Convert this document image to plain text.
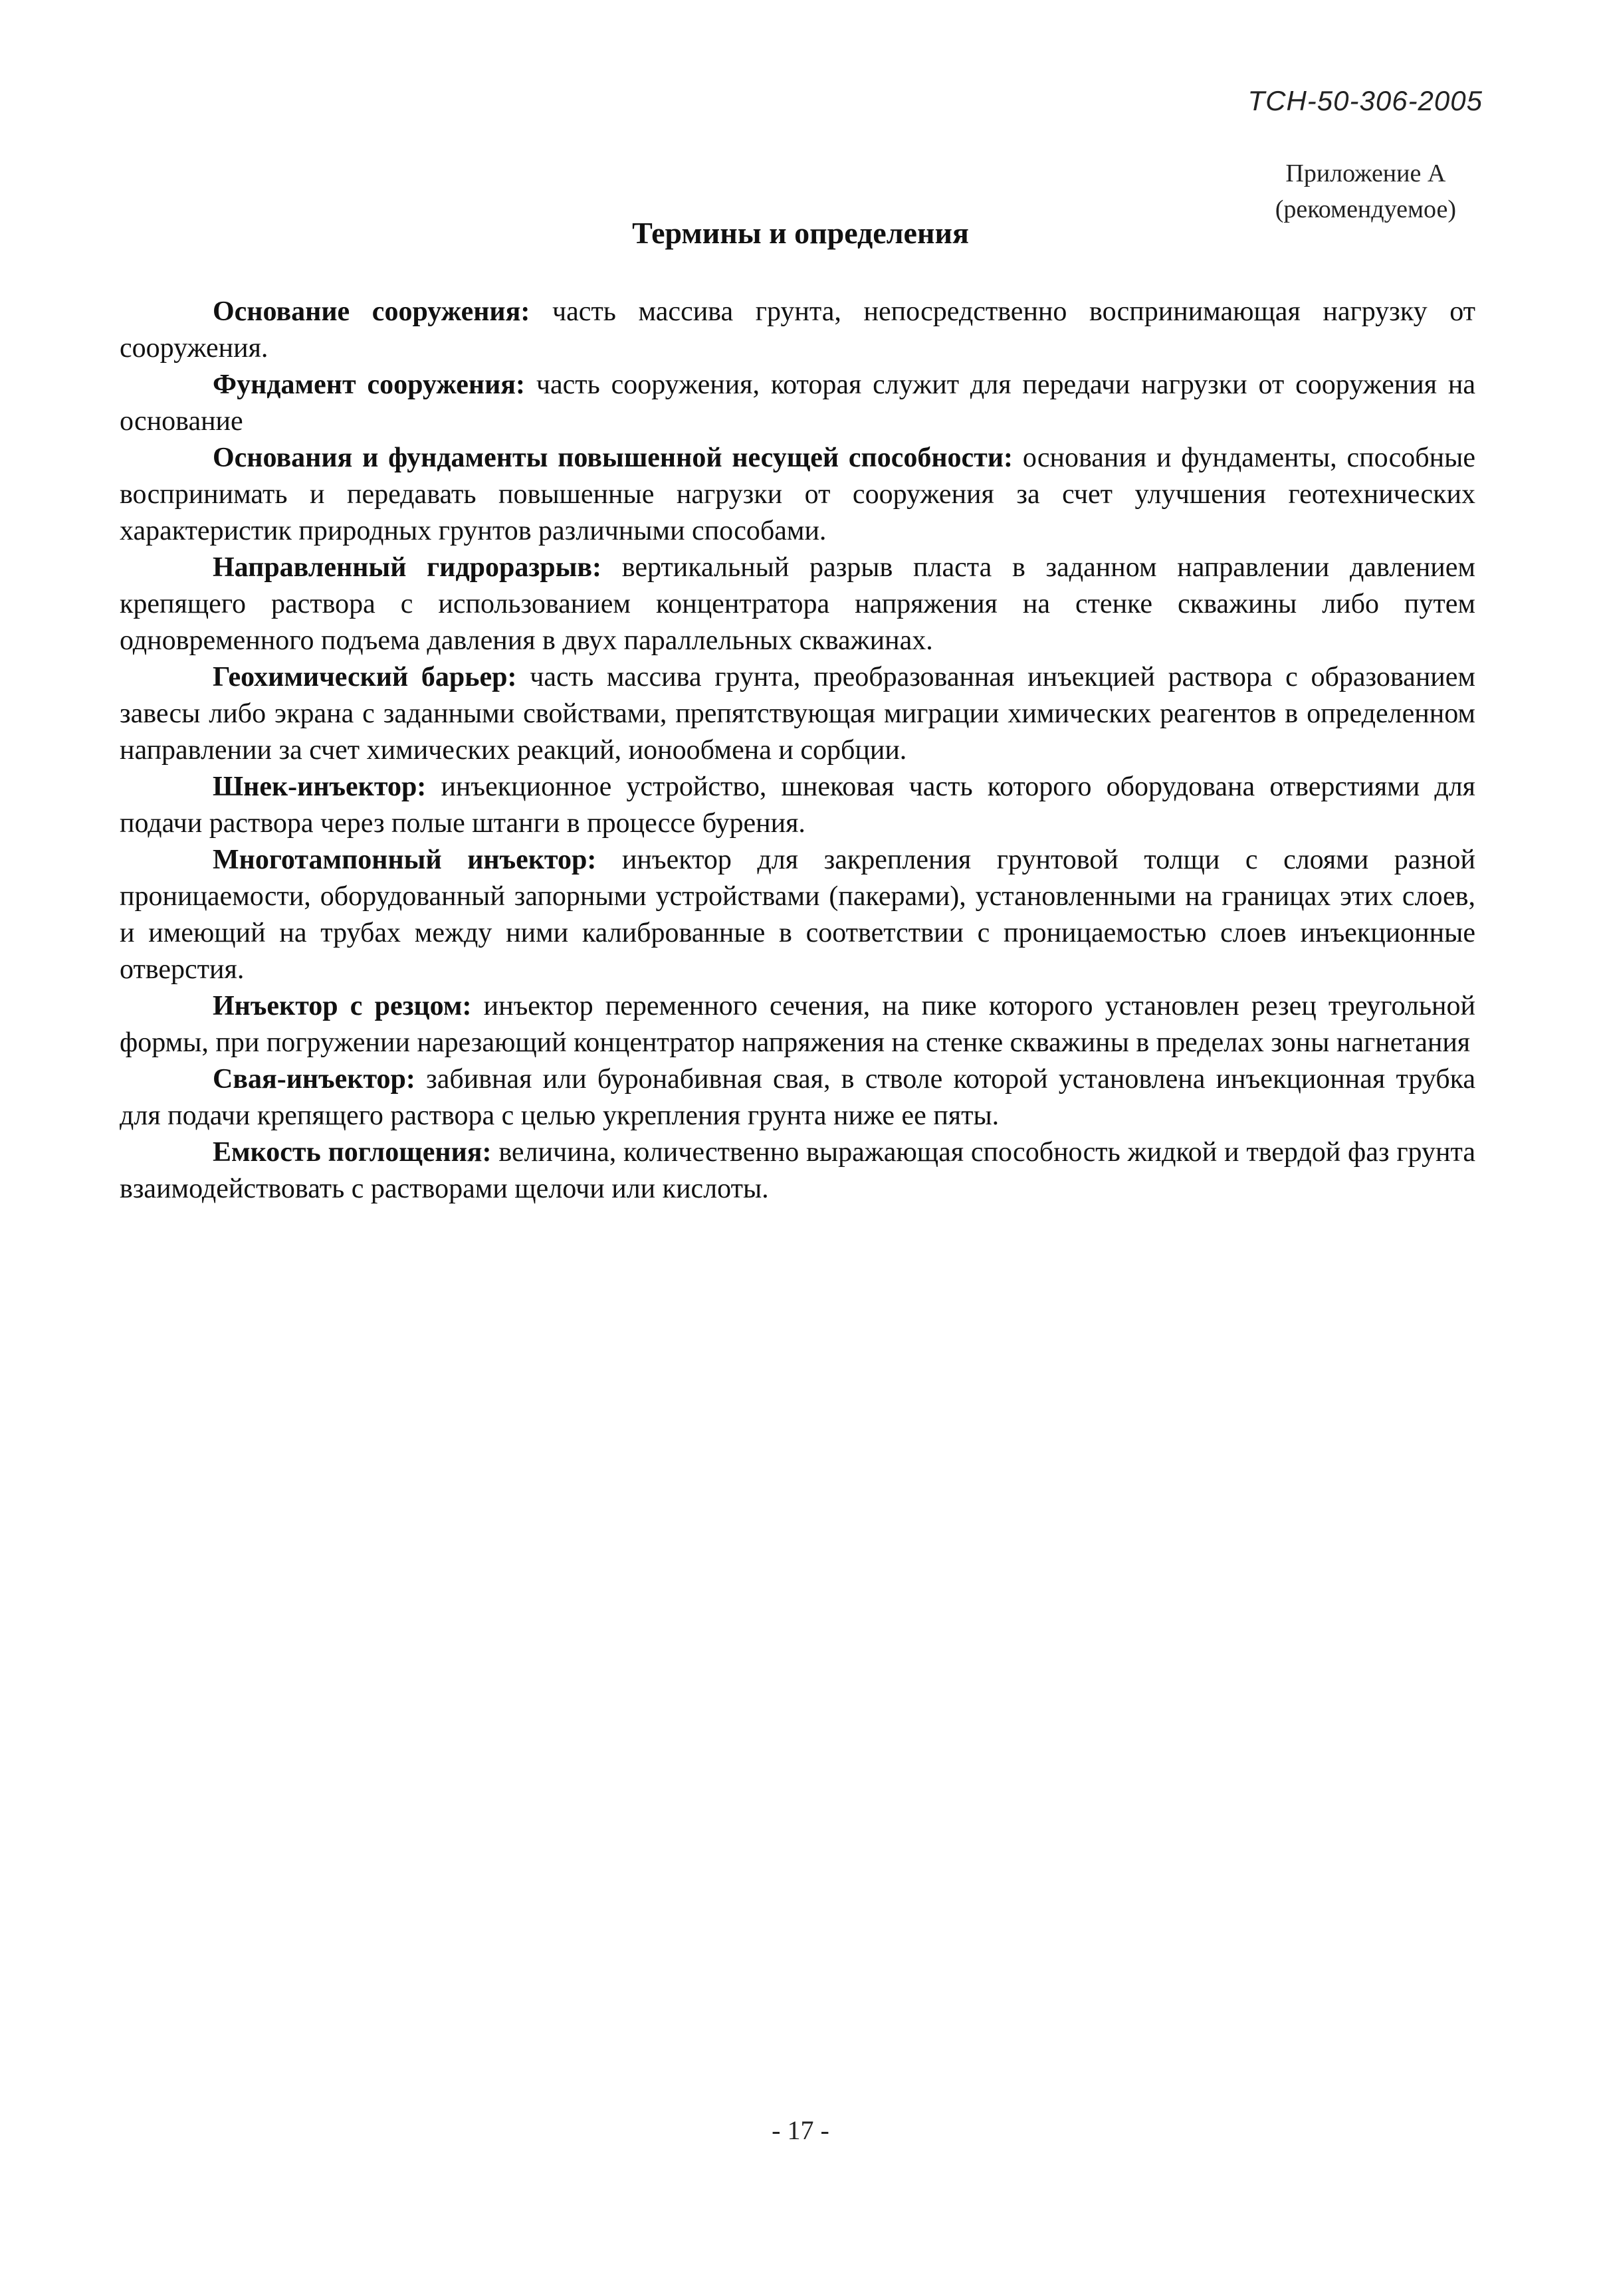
ТСН-50-306-2005
Приложение А
(рекомендуемое)
Термины и определения

Основание сооружения: часть массива грунта, непосредственно воспринимающая нагрузку от сооружения.

Фундамент сооружения: часть сооружения, которая служит для передачи нагрузки от сооружения на основание

Основания и фундаменты повышенной несущей способности: основания и фундаменты, способные воспринимать и передавать повышенные нагрузки от сооружения за счет улучшения геотехнических характеристик природных грунтов различными способами.

Направленный гидроразрыв: вертикальный разрыв пласта в заданном направлении давлением крепящего раствора с использованием концентратора напряжения на стенке скважины либо путем одновременного подъема давления в двух параллельных скважинах.

Геохимический барьер: часть массива грунта, преобразованная инъекцией раствора с образованием завесы либо экрана с заданными свойствами, препятствующая миграции химических реагентов в определенном направлении за счет химических реакций, ионообмена и сорбции.

Шнек-инъектор: инъекционное устройство, шнековая часть которого оборудована отверстиями для подачи раствора через полые штанги в процессе бурения.

Многотампонный инъектор: инъектор для закрепления грунтовой толщи с слоями разной проницаемости, оборудованный запорными устройствами (пакерами), установленными на границах этих слоев, и имеющий на трубах между ними калиброванные в соответствии с проницаемостью слоев инъекционные отверстия.

Инъектор с резцом: инъектор переменного сечения, на пике которого установлен резец треугольной формы, при погружении нарезающий концентратор напряжения на стенке скважины в пределах зоны нагнетания

Свая-инъектор: забивная или буронабивная свая, в стволе которой установлена инъекционная трубка для подачи крепящего раствора с целью укрепления грунта ниже ее пяты.

Емкость поглощения: величина, количественно выражающая способность жидкой и твердой фаз грунта взаимодействовать с растворами щелочи или кислоты.

- 17 -
